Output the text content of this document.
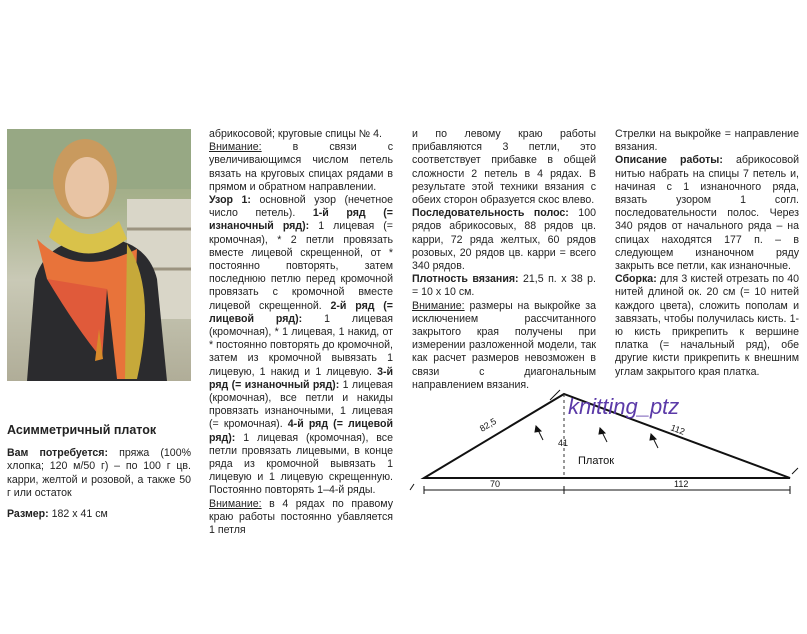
Асимметричный платок

Вам потребуется: пряжа (100% хлопка; 120 м/50 г) – по 100 г цв. карри, желтой и розовой, а также 50 г или остаток

Размер: 182 х 41 см

абрикосовой; круговые спицы № 4.

Внимание: в связи с увеличивающимся числом петель вязать на круговых спицах рядами в прямом и обратном направлении.

Узор 1: основной узор (нечетное число петель). 1-й ряд (= изнаночный ряд): 1 лицевая (= кромочная), * 2 петли провязать вместе лицевой скрещенной, от * постоянно повторять, затем последнюю петлю перед кромочной провязать с кромочной вместе лицевой скрещенной. 2-й ряд (= лицевой ряд): 1 лицевая (кромочная), * 1 лицевая, 1 накид, от * постоянно повторять до кромочной, затем из кромочной вывязать 1 лицевую, 1 накид и 1 лицевую. 3-й ряд (= изнаночный ряд): 1 лицевая (кромочная), все петли и накиды провязать изнаночными, 1 лицевая (= кромочная). 4-й ряд (= лицевой ряд): 1 лицевая (кромочная), все петли провязать лицевыми, в конце ряда из кромочной вывязать 1 лицевую и 1 лицевую скрещенную. Постоянно повторять 1–4-й ряды.

Внимание: в 4 рядах по правому краю работы постоянно убавляется 1 петля

и по левому краю работы прибавляются 3 петли, это соответствует прибавке в общей сложности 2 петель в 4 рядах. В результате этой техники вязания с обеих сторон образуется скос влево.

Последовательность полос: 100 рядов абрикосовых, 88 рядов цв. карри, 72 ряда желтых, 60 рядов розовых, 20 рядов цв. карри = всего 340 рядов.

Плотность вязания: 21,5 п. х 38 р. = 10 х 10 см.

Внимание: размеры на выкройке за исключением рассчитанного закрытого края получены при измерении разложенной модели, так как расчет размеров невозможен в связи с диагональным направлением вязания.

Стрелки на выкройке = направление вязания.

Описание работы: абрикосовой нитью набрать на спицы 7 петель и, начиная с 1 изнаночного ряда, вязать узором 1 согл. последовательности полос. Через 340 рядов от начального ряда – на спицах находятся 177 п. – в следующем изнаночном ряду закрыть все петли, как изнаночные.

Сборка: для 3 кистей отрезать по 40 нитей длиной ок. 20 см (= 10 нитей каждого цвета), сложить пополам и завязать, чтобы получилась кисть. 1-ю кисть прикрепить к вершине платка (= начальный ряд), обе другие кисти прикрепить к внешним углам закрытого края платка.

knitting_ptz
82,5
41
112
Платок
70	112
